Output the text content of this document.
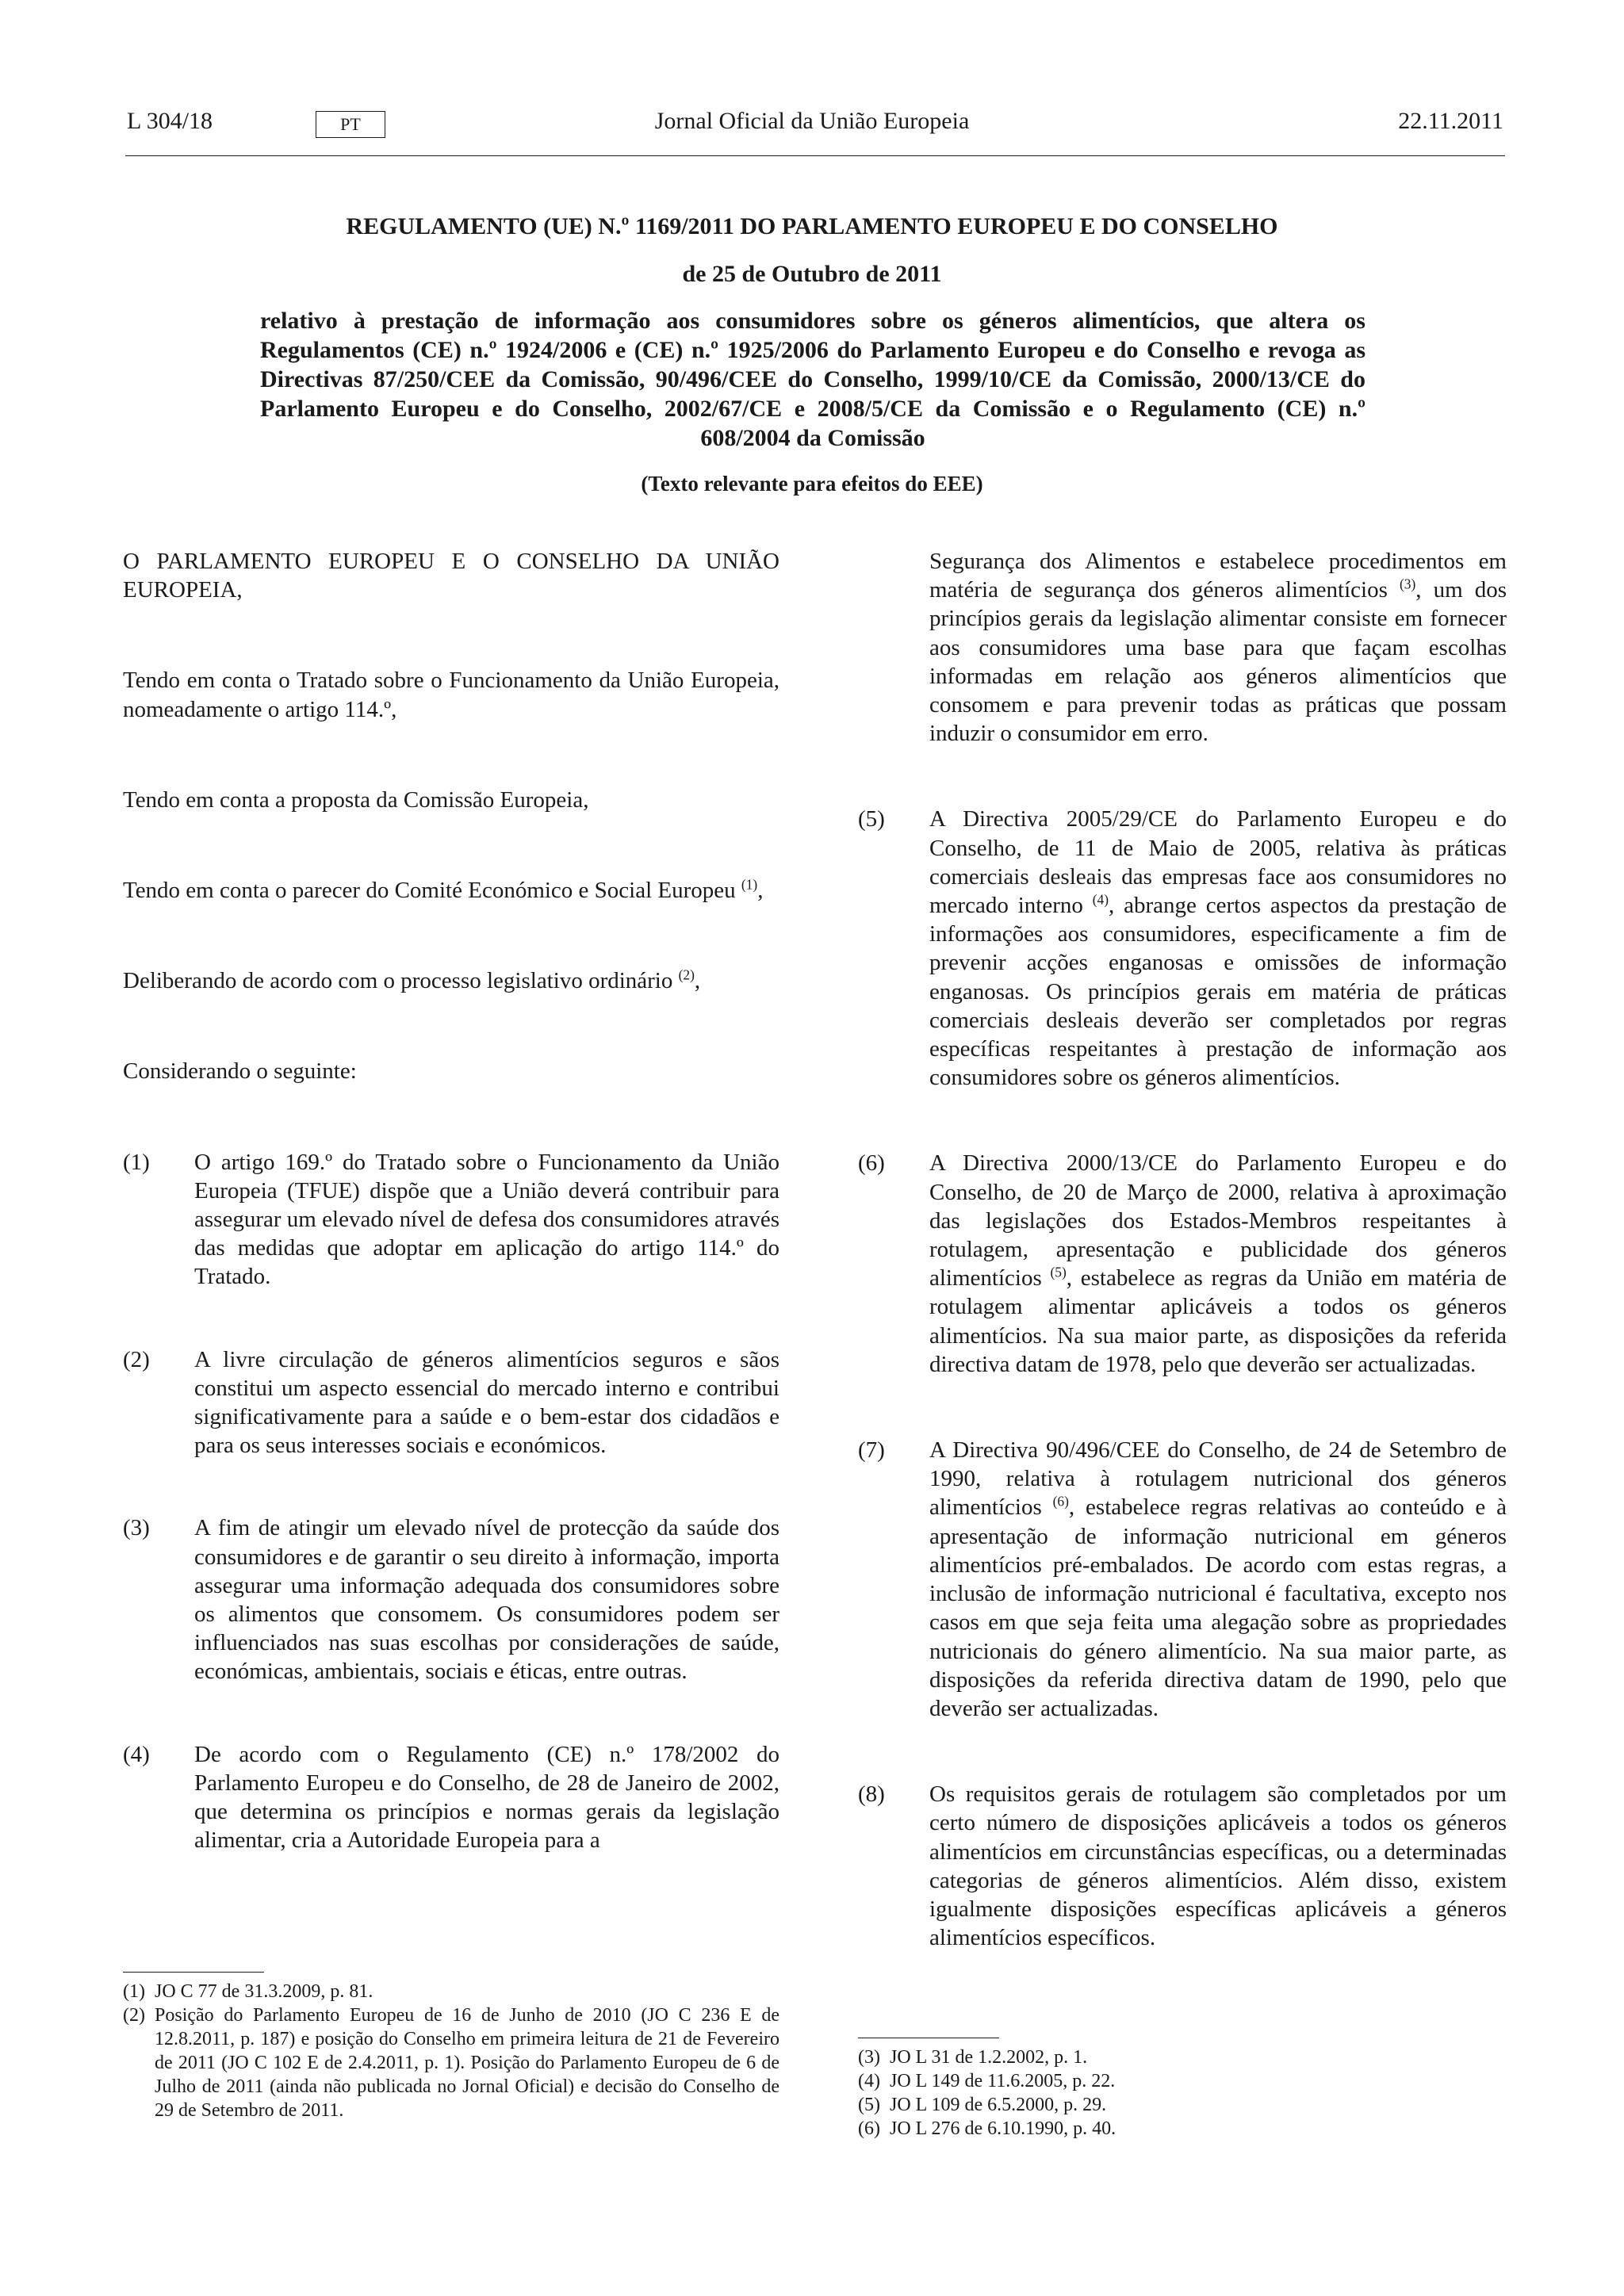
L 304/18	PT	Jornal Oficial da União Europeia	22.11.2011
REGULAMENTO (UE) N.º 1169/2011 DO PARLAMENTO EUROPEU E DO CONSELHO
de 25 de Outubro de 2011
relativo à prestação de informação aos consumidores sobre os géneros alimentícios, que altera os Regulamentos (CE) n.º 1924/2006 e (CE) n.º 1925/2006 do Parlamento Europeu e do Conselho e revoga as Directivas 87/250/CEE da Comissão, 90/496/CEE do Conselho, 1999/10/CE da Comissão, 2000/13/CE do Parlamento Europeu e do Conselho, 2002/67/CE e 2008/5/CE da Comissão e o Regulamento (CE) n.º 608/2004 da Comissão
(Texto relevante para efeitos do EEE)

O PARLAMENTO EUROPEU E O CONSELHO DA UNIÃO EUROPEIA,

Tendo em conta o Tratado sobre o Funcionamento da União Europeia, nomeadamente o artigo 114.º,

Tendo em conta a proposta da Comissão Europeia,

Tendo em conta o parecer do Comité Económico e Social Europeu $^{(1)}$,

Deliberando de acordo com o processo legislativo ordinário $^{(2)}$,

Considerando o seguinte:

(1) O artigo 169.º do Tratado sobre o Funcionamento da União Europeia (TFUE) dispõe que a União deverá contribuir para assegurar um elevado nível de defesa dos consumidores através das medidas que adoptar em aplicação do artigo 114.º do Tratado.
(2) A livre circulação de géneros alimentícios seguros e sãos constitui um aspecto essencial do mercado interno e contribui significativamente para a saúde e o bem-estar dos cidadãos e para os seus interesses sociais e económicos.
(3) A fim de atingir um elevado nível de protecção da saúde dos consumidores e de garantir o seu direito à informação, importa assegurar uma informação adequada dos consumidores sobre os alimentos que consomem. Os consumidores podem ser influenciados nas suas escolhas por considerações de saúde, económicas, ambientais, sociais e éticas, entre outras.
(4) De acordo com o Regulamento (CE) n.º 178/2002 do Parlamento Europeu e do Conselho, de 28 de Janeiro de 2002, que determina os princípios e normas gerais da legislação alimentar, cria a Autoridade Europeia para a

(1) JO C 77 de 31.3.2009, p. 81.

(2) Posição do Parlamento Europeu de 16 de Junho de 2010 (JO C 236 E de 12.8.2011, p. 187) e posição do Conselho em primeira leitura de 21 de Fevereiro de 2011 (JO C 102 E de 2.4.2011, p. 1). Posição do Parlamento Europeu de 6 de Julho de 2011 (ainda não publicada no Jornal Oficial) e decisão do Conselho de 29 de Setembro de 2011.

Segurança dos Alimentos e estabelece procedimentos em matéria de segurança dos géneros alimentícios $^{(3)}$, um dos princípios gerais da legislação alimentar consiste em fornecer aos consumidores uma base para que façam escolhas informadas em relação aos géneros alimentícios que consomem e para prevenir todas as práticas que possam induzir o consumidor em erro.
(5) A Directiva 2005/29/CE do Parlamento Europeu e do Conselho, de 11 de Maio de 2005, relativa às práticas comerciais desleais das empresas face aos consumidores no mercado interno $^{(4)}$, abrange certos aspectos da prestação de informações aos consumidores, especificamente a fim de prevenir acções enganosas e omissões de informação enganosas. Os princípios gerais em matéria de práticas comerciais desleais deverão ser completados por regras específicas respeitantes à prestação de informação aos consumidores sobre os géneros alimentícios.
(6) A Directiva 2000/13/CE do Parlamento Europeu e do Conselho, de 20 de Março de 2000, relativa à aproximação das legislações dos Estados-Membros respeitantes à rotulagem, apresentação e publicidade dos géneros alimentícios $^{(5)}$, estabelece as regras da União em matéria de rotulagem alimentar aplicáveis a todos os géneros alimentícios. Na sua maior parte, as disposições da referida directiva datam de 1978, pelo que deverão ser actualizadas.
(7) A Directiva 90/496/CEE do Conselho, de 24 de Setembro de 1990, relativa à rotulagem nutricional dos géneros alimentícios $^{(6)}$, estabelece regras relativas ao conteúdo e à apresentação de informação nutricional em géneros alimentícios pré-embalados. De acordo com estas regras, a inclusão de informação nutricional é facultativa, excepto nos casos em que seja feita uma alegação sobre as propriedades nutricionais do género alimentício. Na sua maior parte, as disposições da referida directiva datam de 1990, pelo que deverão ser actualizadas.
(8) Os requisitos gerais de rotulagem são completados por um certo número de disposições aplicáveis a todos os géneros alimentícios em circunstâncias específicas, ou a determinadas categorias de géneros alimentícios. Além disso, existem igualmente disposições específicas aplicáveis a géneros alimentícios específicos.

(3) JO L 31 de 1.2.2002, p. 1.

(4) JO L 149 de 11.6.2005, p. 22.

(5) JO L 109 de 6.5.2000, p. 29.

(6) JO L 276 de 6.10.1990, p. 40.
